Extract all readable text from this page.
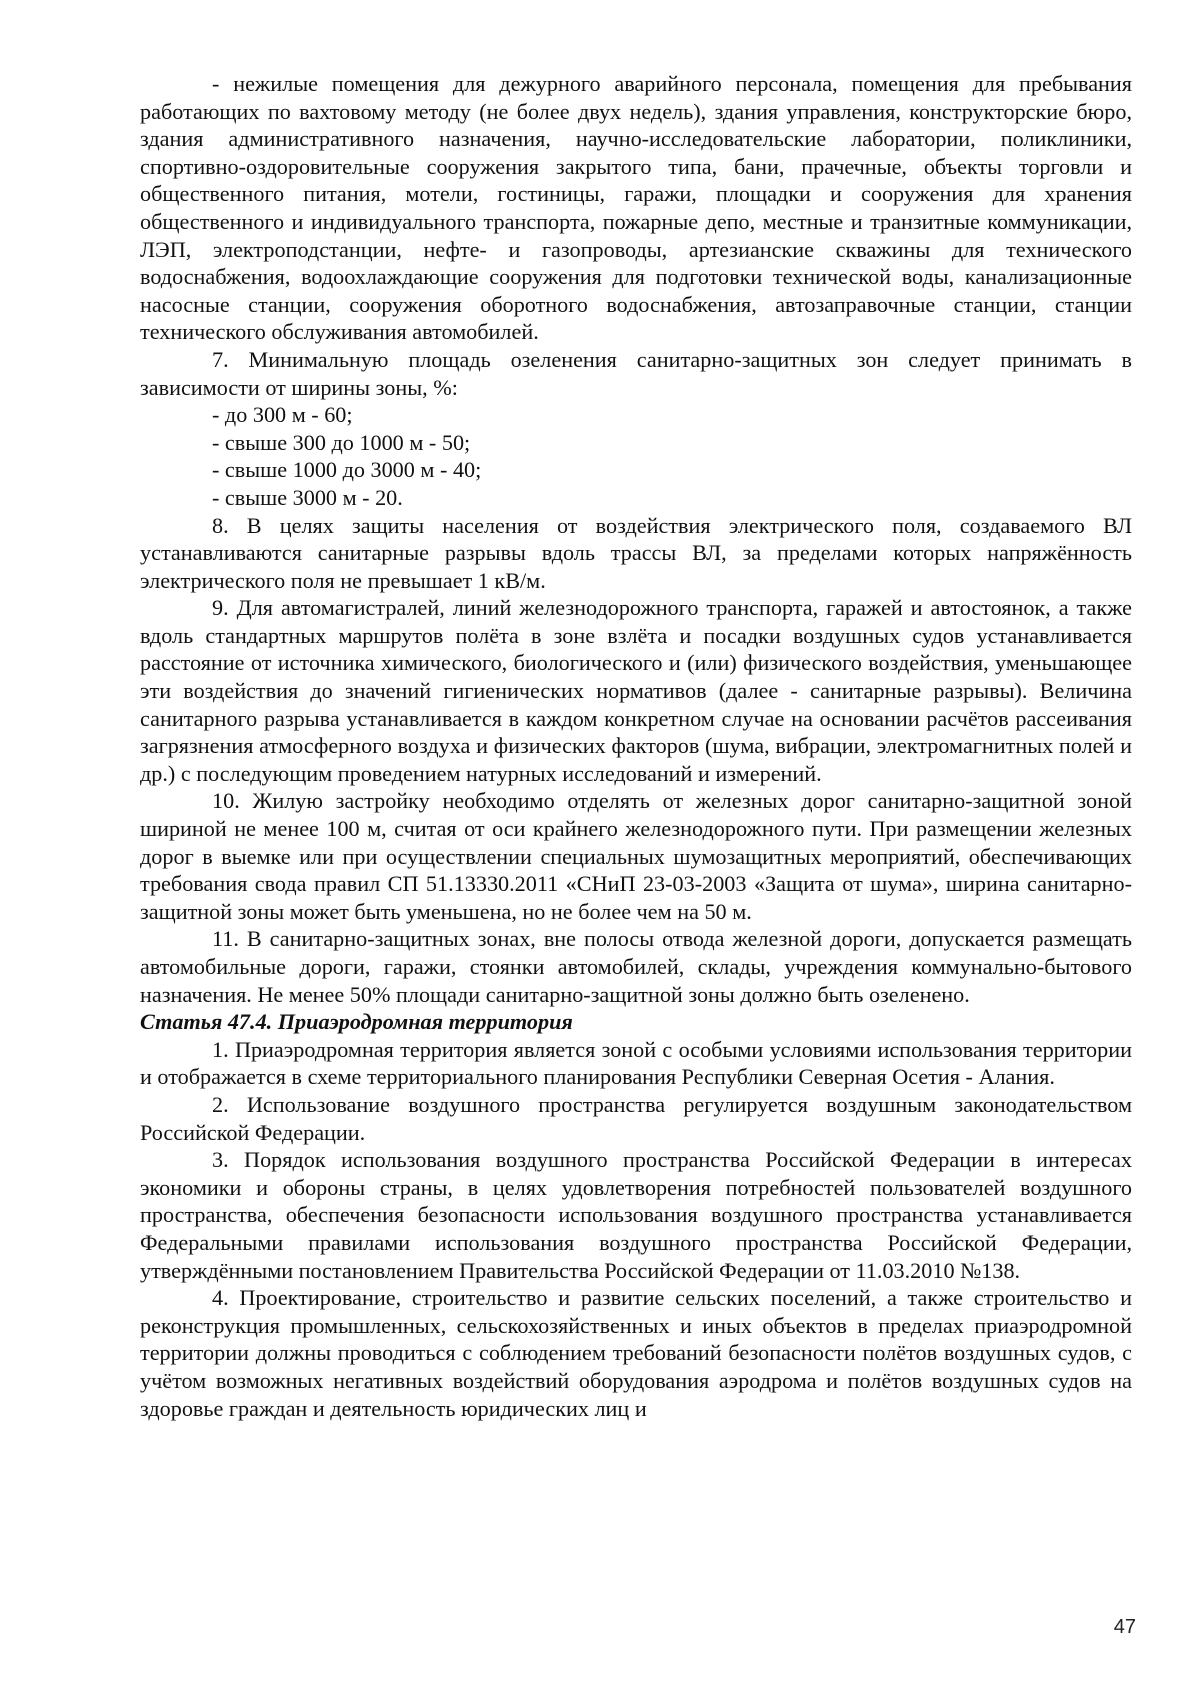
- нежилые помещения для дежурного аварийного персонала, помещения для пребывания работающих по вахтовому методу (не более двух недель), здания управления, конструкторские бюро, здания административного назначения, научно-исследовательские лаборатории, поликлиники, спортивно-оздоровительные сооружения закрытого типа, бани, прачечные, объекты торговли и общественного питания, мотели, гостиницы, гаражи, площадки и сооружения для хранения общественного и индивидуального транспорта, пожарные депо, местные и транзитные коммуникации, ЛЭП, электроподстанции, нефте- и газопроводы, артезианские скважины для технического водоснабжения, водоохлаждающие сооружения для подготовки технической воды, канализационные насосные станции, сооружения оборотного водоснабжения, автозаправочные станции, станции технического обслуживания автомобилей.

7. Минимальную площадь озеленения санитарно-защитных зон следует принимать в зависимости от ширины зоны, %:

- до 300 м - 60;

- свыше 300 до 1000 м - 50;

- свыше 1000 до 3000 м - 40;

- свыше 3000 м - 20.

8. В целях защиты населения от воздействия электрического поля, создаваемого ВЛ устанавливаются санитарные разрывы вдоль трассы ВЛ, за пределами которых напряжённость электрического поля не превышает 1 кВ/м.

9. Для автомагистралей, линий железнодорожного транспорта, гаражей и автостоянок, а также вдоль стандартных маршрутов полёта в зоне взлёта и посадки воздушных судов устанавливается расстояние от источника химического, биологического и (или) физического воздействия, уменьшающее эти воздействия до значений гигиенических нормативов (далее - санитарные разрывы). Величина санитарного разрыва устанавливается в каждом конкретном случае на основании расчётов рассеивания загрязнения атмосферного воздуха и физических факторов (шума, вибрации, электромагнитных полей и др.) с последующим проведением натурных исследований и измерений.

10. Жилую застройку необходимо отделять от железных дорог санитарно-защитной зоной шириной не менее 100 м, считая от оси крайнего железнодорожного пути. При размещении железных дорог в выемке или при осуществлении специальных шумозащитных мероприятий, обеспечивающих требования свода правил СП 51.13330.2011 «СНиП 23-03-2003 «Защита от шума», ширина санитарно-защитной зоны может быть уменьшена, но не более чем на 50 м.

11. В санитарно-защитных зонах, вне полосы отвода железной дороги, допускается размещать автомобильные дороги, гаражи, стоянки автомобилей, склады, учреждения коммунально-бытового назначения. Не менее 50% площади санитарно-защитной зоны должно быть озеленено.

Статья 47.4. Приаэродромная территория

1. Приаэродромная территория является зоной с особыми условиями использования территории и отображается в схеме территориального планирования Республики Северная Осетия - Алания.

2. Использование воздушного пространства регулируется воздушным законодательством Российской Федерации.

3. Порядок использования воздушного пространства Российской Федерации в интересах экономики и обороны страны, в целях удовлетворения потребностей пользователей воздушного пространства, обеспечения безопасности использования воздушного пространства устанавливается Федеральными правилами использования воздушного пространства Российской Федерации, утверждёнными постановлением Правительства Российской Федерации от 11.03.2010 №138.

4. Проектирование, строительство и развитие сельских поселений, а также строительство и реконструкция промышленных, сельскохозяйственных и иных объектов в пределах приаэродромной территории должны проводиться с соблюдением требований безопасности полётов воздушных судов, с учётом возможных негативных воздействий оборудования аэродрома и полётов воздушных судов на здоровье граждан и деятельность юридических лиц и

47
